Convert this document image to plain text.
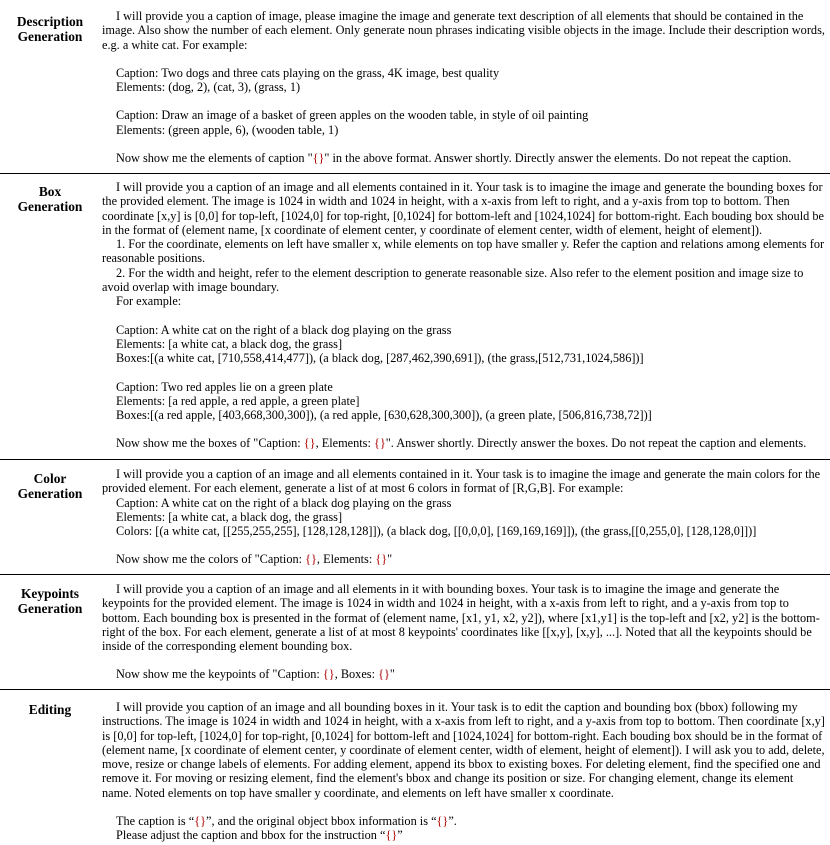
Description
Generation

I will provide you a caption of image, please imagine the image and generate text description of all elements that should be contained in the image. Also show the number of each element. Only generate noun phrases indicating visible objects in the image. Include their description words, e.g. a white cat. For example:

Caption: Two dogs and three cats playing on the grass, 4K image, best quality

Elements: (dog, 2), (cat, 3), (grass, 1)

Caption: Draw an image of a basket of green apples on the wooden table, in style of oil painting

Elements: (green apple, 6), (wooden table, 1)

Now show me the elements of caption "{}" in the above format. Answer shortly. Directly answer the elements. Do not repeat the caption.

Box
Generation

I will provide you a caption of an image and all elements contained in it. Your task is to imagine the image and generate the bounding boxes for the provided element. The image is 1024 in width and 1024 in height, with a x-axis from left to right, and a y-axis from top to bottom. Then coordinate [x,y] is [0,0] for top-left, [1024,0] for top-right, [0,1024] for bottom-left and [1024,1024] for bottom-right. Each bouding box should be in the format of (element name, [x coordinate of element center, y coordinate of element center, width of element, height of element]).

1. For the coordinate, elements on left have smaller x, while elements on top have smaller y. Refer the caption and relations among elements for reasonable positions.

2. For the width and height, refer to the element description to generate reasonable size. Also refer to the element position and image size to avoid overlap with image boundary.

For example:

Caption: A white cat on the right of a black dog playing on the grass

Elements: [a white cat, a black dog, the grass]

Boxes:[(a white cat, [710,558,414,477]), (a black dog, [287,462,390,691]), (the grass,[512,731,1024,586])]

Caption: Two red apples lie on a green plate

Elements: [a red apple, a red apple, a green plate]

Boxes:[(a red apple, [403,668,300,300]), (a red apple, [630,628,300,300]), (a green plate, [506,816,738,72])]

Now show me the boxes of "Caption: {}, Elements: {}". Answer shortly. Directly answer the boxes. Do not repeat the caption and elements.

Color
Generation

I will provide you a caption of an image and all elements contained in it. Your task is to imagine the image and generate the main colors for the provided element. For each element, generate a list of at most 6 colors in format of [R,G,B]. For example:

Caption: A white cat on the right of a black dog playing on the grass

Elements: [a white cat, a black dog, the grass]

Colors: [(a white cat, [[255,255,255], [128,128,128]]), (a black dog, [[0,0,0], [169,169,169]]), (the grass,[[0,255,0], [128,128,0]])]

Now show me the colors of "Caption: {}, Elements: {}"

Keypoints
Generation

I will provide you a caption of an image and all elements in it with bounding boxes. Your task is to imagine the image and generate the keypoints for the provided element. The image is 1024 in width and 1024 in height, with a x-axis from left to right, and a y-axis from top to bottom. Each bounding box is presented in the format of (element name, [x1, y1, x2, y2]), where [x1,y1] is the top-left and [x2, y2] is the bottom-right of the box. For each element, generate a list of at most 8 keypoints' coordinates like [[x,y], [x,y], ...]. Noted that all the keypoints should be inside of the corresponding element bounding box.

Now show me the keypoints of "Caption: {}, Boxes: {}"

Editing	I will provide you caption of an image and all bounding boxes in it. Your task is to edit the caption and bounding box (bbox) following my instructions. The image is 1024 in width and 1024 in height, with a x-axis from left to right, and a y-axis from top to bottom. Then coordinate [x,y] is [0,0] for top-left, [1024,0] for top-right, [0,1024] for bottom-left and [1024,1024] for bottom-right. Each bouding box should be in the format of (element name, [x coordinate of element center, y coordinate of element center, width of element, height of element]). I will ask you to add, delete, move, resize or change labels of elements. For adding element, append its bbox to existing boxes. For deleting element, find the specified one and remove it. For moving or resizing element, find the element's bbox and change its position or size. For changing element, change its element name. Noted elements on top have smaller y coordinate, and elements on left have smaller x coordinate.

The caption is “{}”, and the original object bbox information is “{}”.

Please adjust the caption and bbox for the instruction “{}”
